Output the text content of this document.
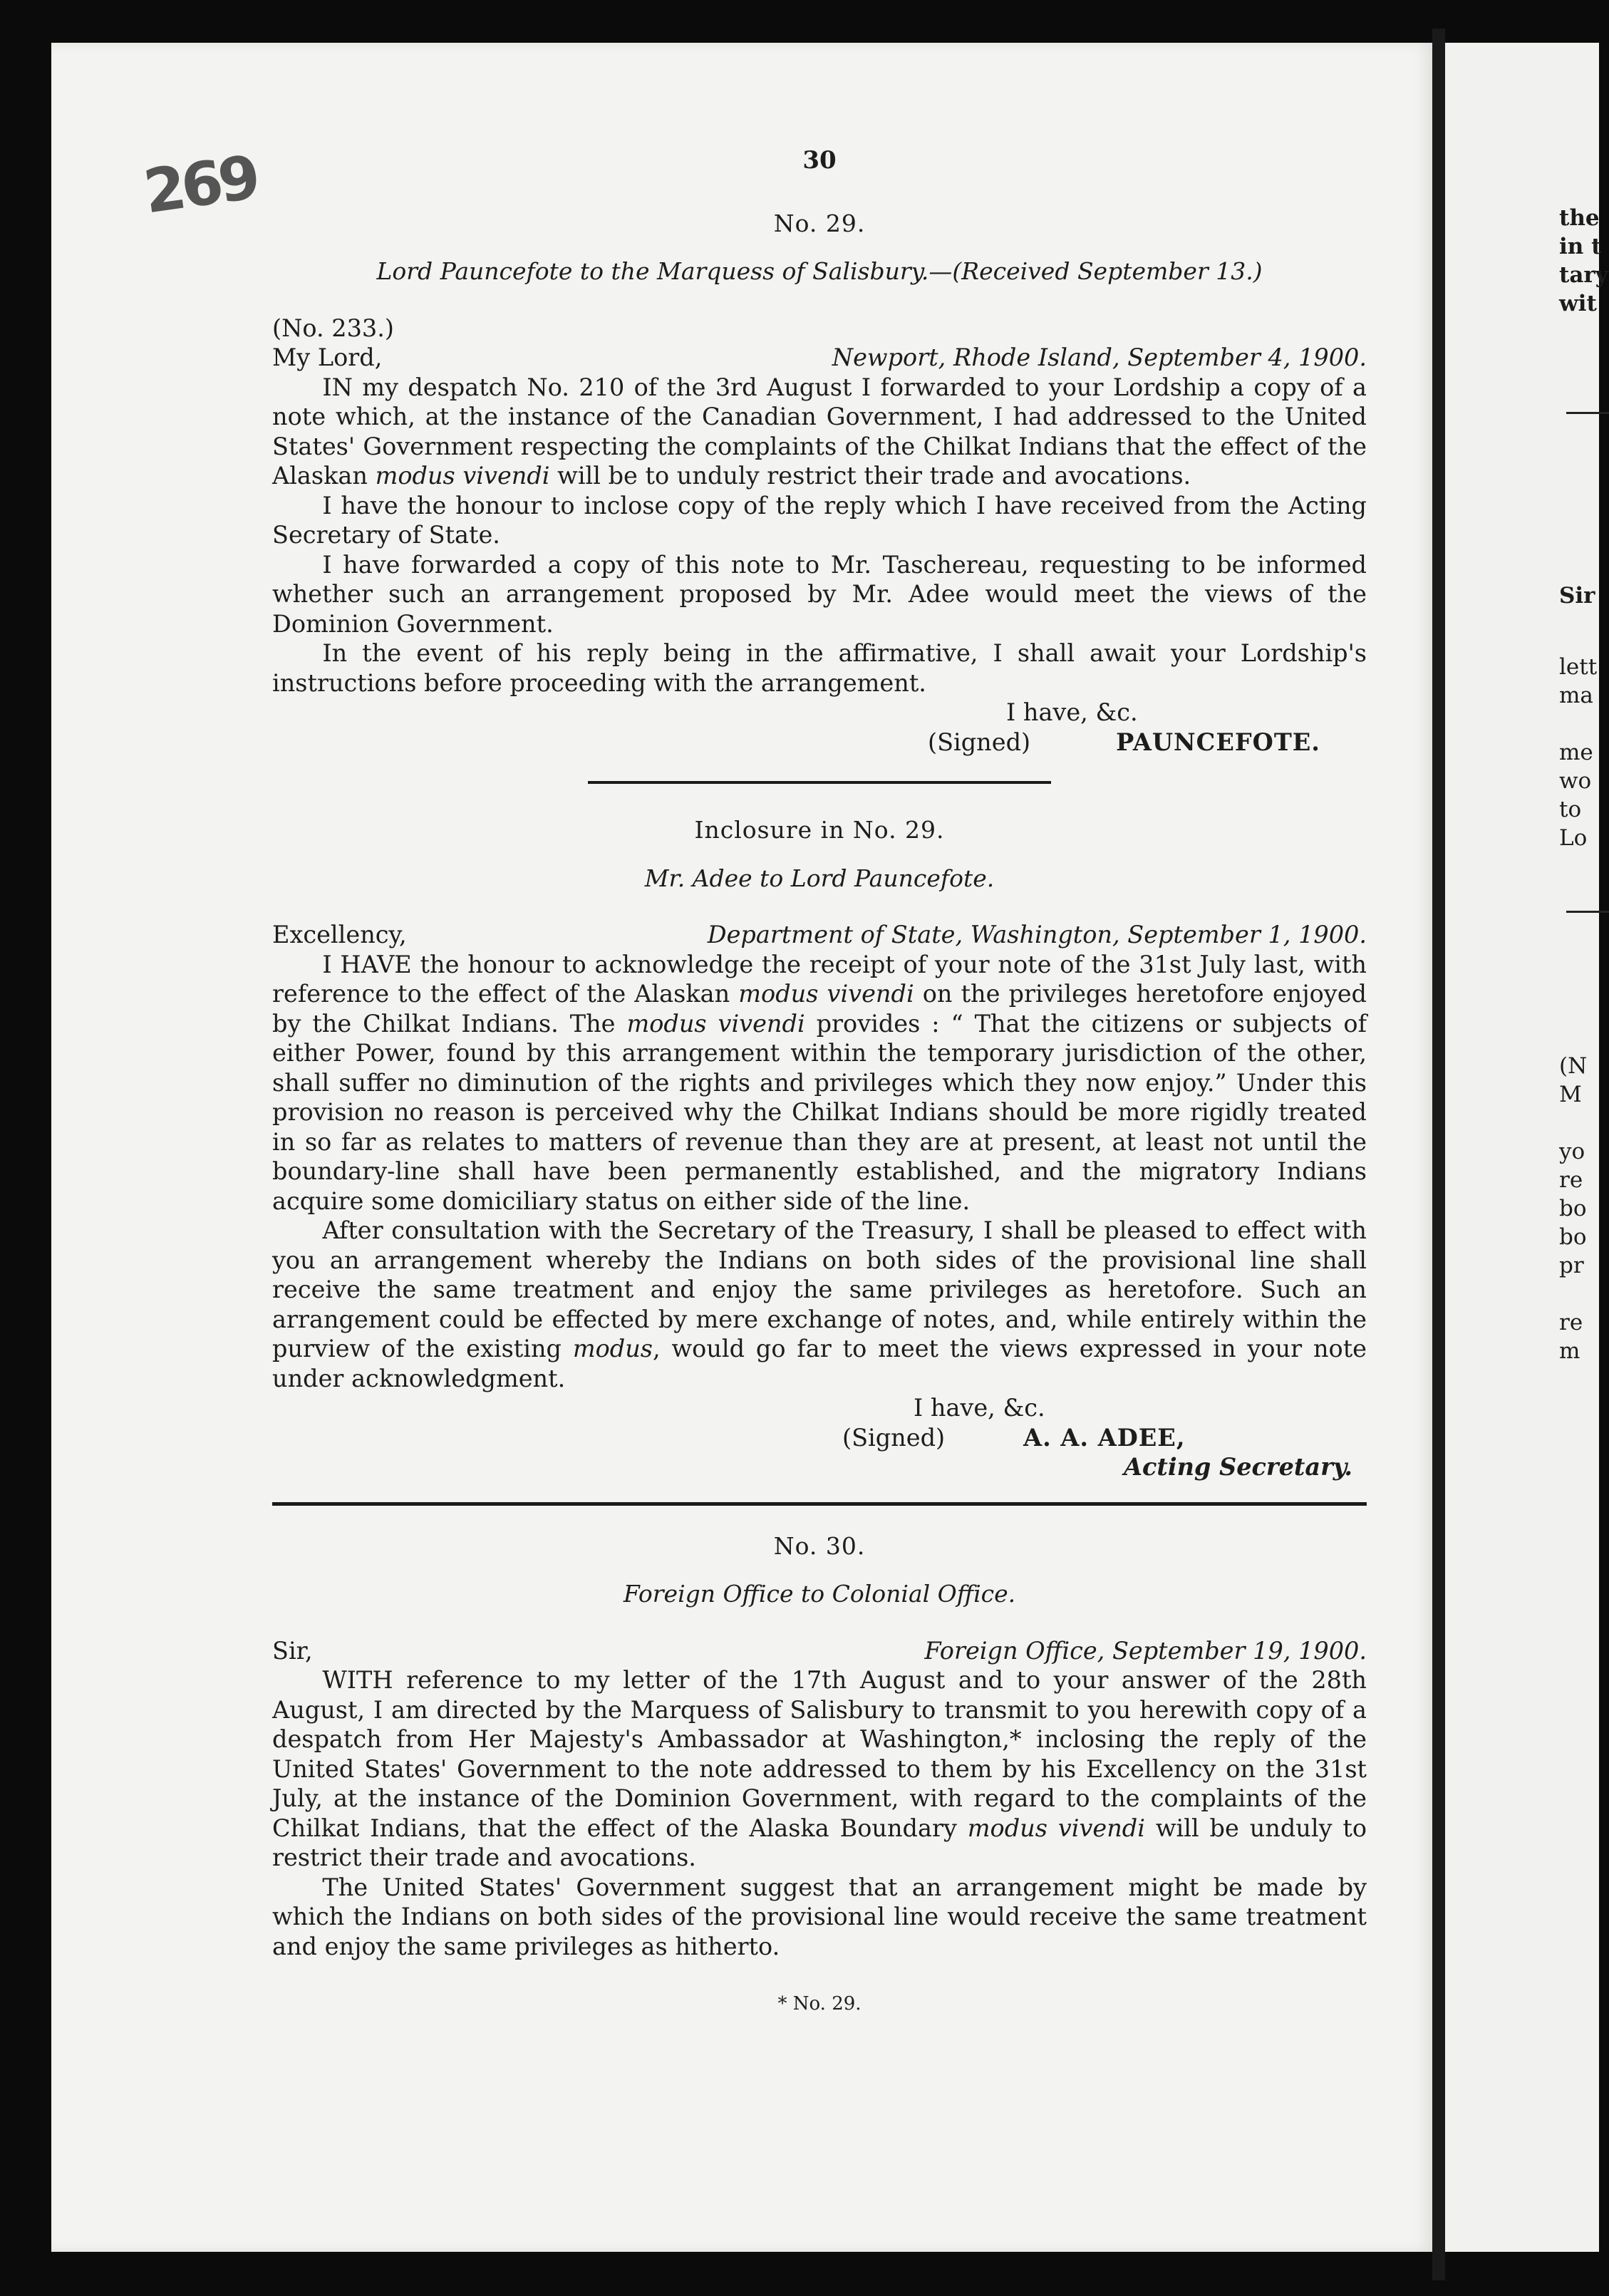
269	30

No. 29.

Lord Pauncefote to the Marquess of Salisbury.—(Received September 13.)

(No. 233.)

My Lord,	Newport, Rhode Island, September 4, 1900.

IN my despatch No. 210 of the 3rd August I forwarded to your Lordship a copy of a note which, at the instance of the Canadian Government, I had addressed to the United States' Government respecting the complaints of the Chilkat Indians that the effect of the Alaskan modus vivendi will be to unduly restrict their trade and avocations.

I have the honour to inclose copy of the reply which I have received from the Acting Secretary of State.

I have forwarded a copy of this note to Mr. Taschereau, requesting to be informed whether such an arrangement proposed by Mr. Adee would meet the views of the Dominion Government.

In the event of his reply being in the affirmative, I shall await your Lordship's instructions before proceeding with the arrangement.

I have, &c.

(Signed)	PAUNCEFOTE.

Inclosure in No. 29.

Mr. Adee to Lord Pauncefote.

Excellency,	Department of State, Washington, September 1, 1900.

I HAVE the honour to acknowledge the receipt of your note of the 31st July last, with reference to the effect of the Alaskan modus vivendi on the privileges heretofore enjoyed by the Chilkat Indians. The modus vivendi provides : “ That the citizens or subjects of either Power, found by this arrangement within the temporary jurisdiction of the other, shall suffer no diminution of the rights and privileges which they now enjoy.” Under this provision no reason is perceived why the Chilkat Indians should be more rigidly treated in so far as relates to matters of revenue than they are at present, at least not until the boundary-line shall have been permanently established, and the migratory Indians acquire some domiciliary status on either side of the line.

After consultation with the Secretary of the Treasury, I shall be pleased to effect with you an arrangement whereby the Indians on both sides of the provisional line shall receive the same treatment and enjoy the same privileges as heretofore. Such an arrangement could be effected by mere exchange of notes, and, while entirely within the purview of the existing modus, would go far to meet the views expressed in your note under acknowledgment.

I have, &c.

(Signed)	A. A. ADEE,

Acting Secretary.

No. 30.

Foreign Office to Colonial Office.

Sir,	Foreign Office, September 19, 1900.

WITH reference to my letter of the 17th August and to your answer of the 28th August, I am directed by the Marquess of Salisbury to transmit to you herewith copy of a despatch from Her Majesty's Ambassador at Washington,* inclosing the reply of the United States' Government to the note addressed to them by his Excellency on the 31st July, at the instance of the Dominion Government, with regard to the complaints of the Chilkat Indians, that the effect of the Alaska Boundary modus vivendi will be unduly to restrict their trade and avocations.

The United States' Government suggest that an arrangement might be made by which the Indians on both sides of the provisional line would receive the same treatment and enjoy the same privileges as hitherto.

* No. 29.

the
in t
tary
wit
Sir
lett
ma
me
wo
to
Lo
(N
M
yo
re
bo
bo
pr
re
m
